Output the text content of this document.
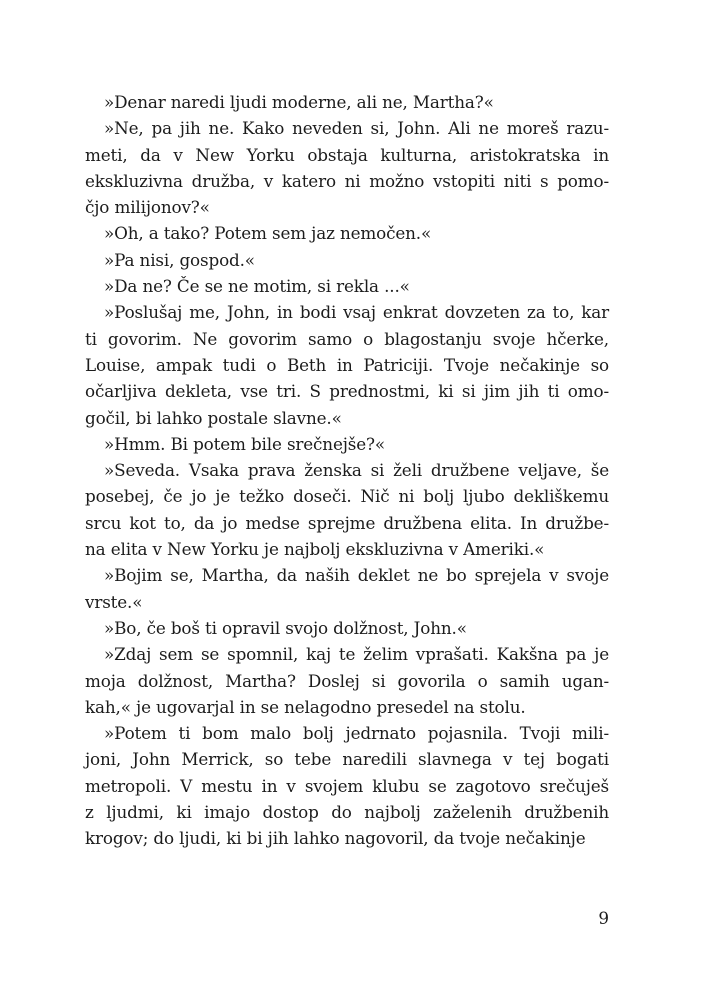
»Denar naredi ljudi moderne, ali ne, Martha?«
»Ne, pa jih ne. Kako neveden si, John. Ali ne moreš razu-
meti, da v New Yorku obstaja kulturna, aristokratska in
ekskluzivna družba, v katero ni možno vstopiti niti s pomo-
čjo milijonov?«
»Oh, a tako? Potem sem jaz nemočen.«
»Pa nisi, gospod.«
»Da ne? Če se ne motim, si rekla ...«
»Poslušaj me, John, in bodi vsaj enkrat dovzeten za to, kar
ti govorim. Ne govorim samo o blagostanju svoje hčerke,
Louise, ampak tudi o Beth in Patriciji. Tvoje nečakinje so
očarljiva dekleta, vse tri. S prednostmi, ki si jim jih ti omo-
gočil, bi lahko postale slavne.«
»Hmm. Bi potem bile srečnejše?«
»Seveda. Vsaka prava ženska si želi družbene veljave, še
posebej, če jo je težko doseči. Nič ni bolj ljubo dekliškemu
srcu kot to, da jo medse sprejme družbena elita. In družbe-
na elita v New Yorku je najbolj ekskluzivna v Ameriki.«
»Bojim se, Martha, da naših deklet ne bo sprejela v svoje
vrste.«
»Bo, če boš ti opravil svojo dolžnost, John.«
»Zdaj sem se spomnil, kaj te želim vprašati. Kakšna pa je
moja dolžnost, Martha? Doslej si govorila o samih ugan-
kah,« je ugovarjal in se nelagodno presedel na stolu.
»Potem ti bom malo bolj jedrnato pojasnila. Tvoji mili-
joni, John Merrick, so tebe naredili slavnega v tej bogati
metropoli. V mestu in v svojem klubu se zagotovo srečuješ
z ljudmi, ki imajo dostop do najbolj zaželenih družbenih
krogov; do ljudi, ki bi jih lahko nagovoril, da tvoje nečakinje
9
